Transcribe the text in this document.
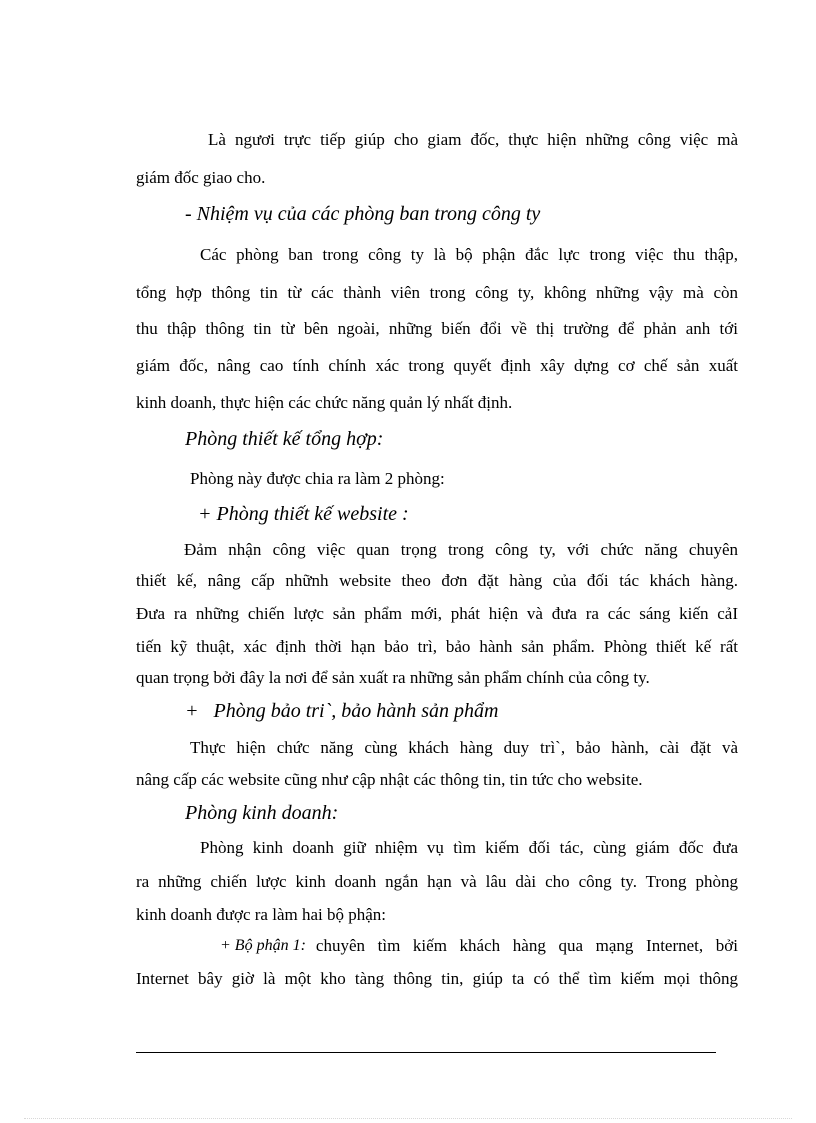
Là ngươi trực tiếp giúp cho giam đốc, thực hiện những công việc mà
giám đốc giao cho.
- Nhiệm vụ của các phòng ban trong công ty
Các phòng ban trong công ty là bộ phận đắc lực trong việc thu thập,
tổng hợp thông tin từ các thành viên trong công ty, không những vậy mà còn
thu thập thông tin từ bên ngoài, những biến đổi về thị trường để phản anh tới
giám đốc, nâng cao tính chính xác trong quyết định xây dựng cơ chế sản xuất
kinh doanh, thực hiện các chức năng quản lý nhất định.
Phòng thiết kế tổng hợp:
Phòng này được chia ra làm 2 phòng:
+ Phòng thiết kế website :
Đảm nhận công việc quan trọng trong công ty, với chức năng chuyên
thiết kế, nâng cấp nhữnh website theo đơn đặt hàng của đối tác khách hàng.
Đưa ra những chiến lược sản phẩm mới, phát hiện và đưa ra các sáng kiến cảI
tiến kỹ thuật, xác định thời hạn bảo trì, bảo hành sản phẩm. Phòng thiết kế rất
quan trọng bởi đây la nơi để sản xuất ra những sản phẩm chính của công ty.
+   Phòng bảo tri`, bảo hành sản phẩm
Thực hiện chức năng cùng khách hàng duy trì`, bảo hành, cài đặt và
nâng cấp các website cũng như cập nhật các thông tin, tin tức cho website.
Phòng kinh doanh:
Phòng kinh doanh giữ nhiệm vụ tìm kiếm đối tác, cùng giám đốc đưa
ra những chiến lược kinh doanh ngắn hạn và lâu dài cho công ty. Trong phòng
kinh doanh được ra làm hai bộ phận:
+ Bộ phận 1: chuyên tìm kiếm khách hàng qua mạng Internet, bởi
Internet bây giờ là một kho tàng thông tin, giúp ta có thể tìm kiếm mọi thông
